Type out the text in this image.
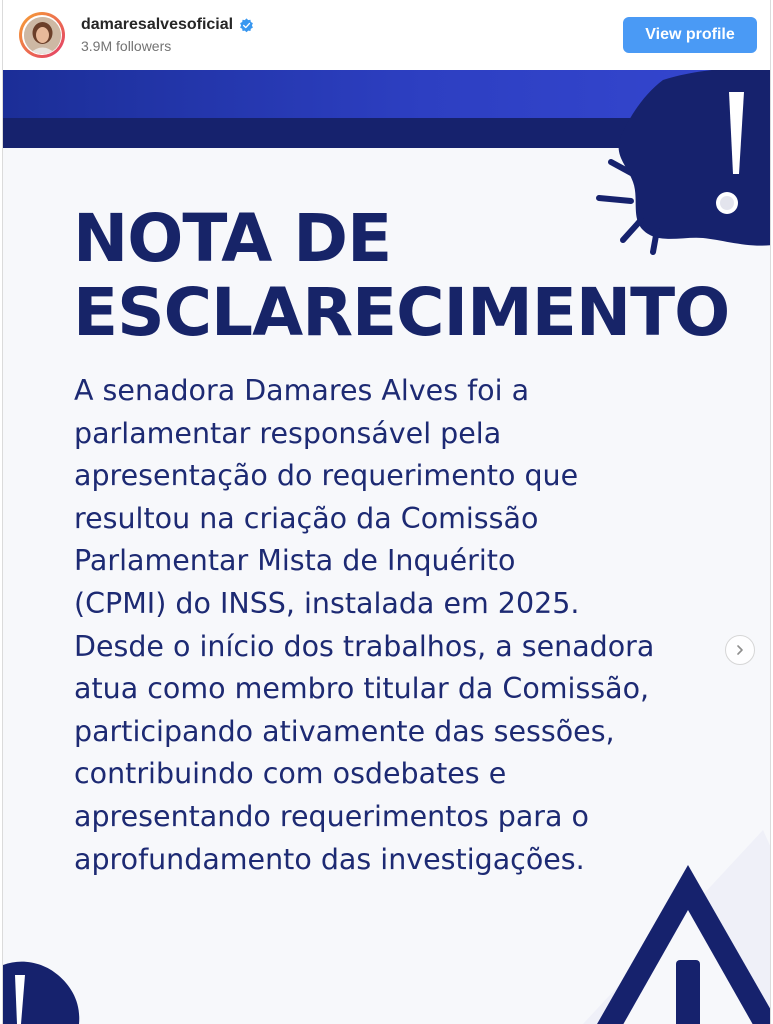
damaresalvesoficial
3.9M followers
View profile
NOTA DE
ESCLARECIMENTO
A senadora Damares Alves foi a
parlamentar responsável pela
apresentação do requerimento que
resultou na criação da Comissão
Parlamentar Mista de Inquérito
(CPMI) do INSS, instalada em 2025.
Desde o início dos trabalhos, a senadora
atua como membro titular da Comissão,
participando ativamente das sessões,
contribuindo com osdebates e
apresentando requerimentos para o
aprofundamento das investigações.
